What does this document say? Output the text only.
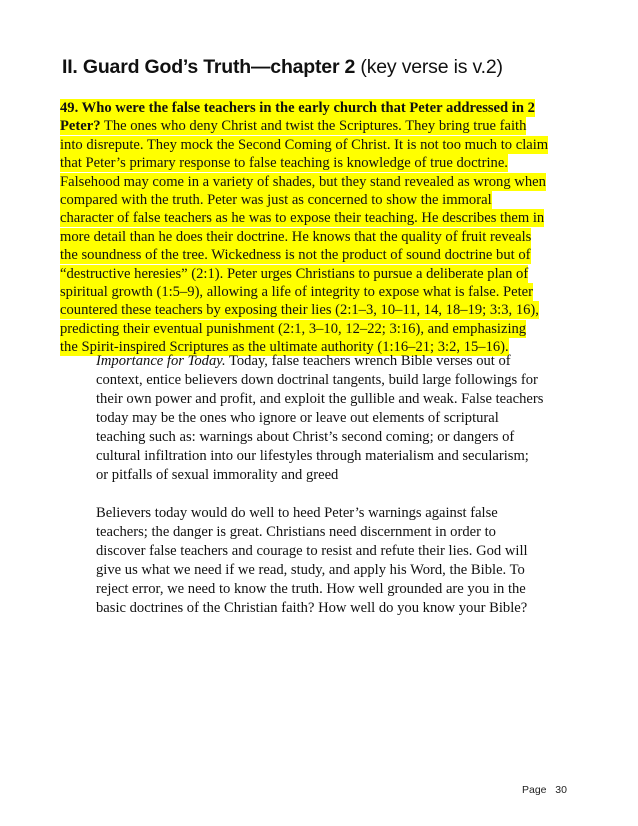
II. Guard God’s Truth—chapter 2 (key verse is v.2)
49. Who were the false teachers in the early church that Peter addressed in 2
Peter? The ones who deny Christ and twist the Scriptures. They bring true faith
into disrepute. They mock the Second Coming of Christ. It is not too much to claim
that Peter’s primary response to false teaching is knowledge of true doctrine.
Falsehood may come in a variety of shades, but they stand revealed as wrong when
compared with the truth. Peter was just as concerned to show the immoral
character of false teachers as he was to expose their teaching. He describes them in
more detail than he does their doctrine. He knows that the quality of fruit reveals
the soundness of the tree. Wickedness is not the product of sound doctrine but of
“destructive heresies” (2:1). Peter urges Christians to pursue a deliberate plan of
spiritual growth (1:5–9), allowing a life of integrity to expose what is false. Peter
countered these teachers by exposing their lies (2:1–3, 10–11, 14, 18–19; 3:3, 16),
predicting their eventual punishment (2:1, 3–10, 12–22; 3:16), and emphasizing
the Spirit-inspired Scriptures as the ultimate authority (1:16–21; 3:2, 15–16).
Importance for Today. Today, false teachers wrench Bible verses out of
context, entice believers down doctrinal tangents, build large followings for
their own power and profit, and exploit the gullible and weak. False teachers
today may be the ones who ignore or leave out elements of scriptural
teaching such as: warnings about Christ’s second coming; or dangers of
cultural infiltration into our lifestyles through materialism and secularism;
or pitfalls of sexual immorality and greed
Believers today would do well to heed Peter’s warnings against false
teachers; the danger is great. Christians need discernment in order to
discover false teachers and courage to resist and refute their lies. God will
give us what we need if we read, study, and apply his Word, the Bible. To
reject error, we need to know the truth. How well grounded are you in the
basic doctrines of the Christian faith? How well do you know your Bible?
Page 30
